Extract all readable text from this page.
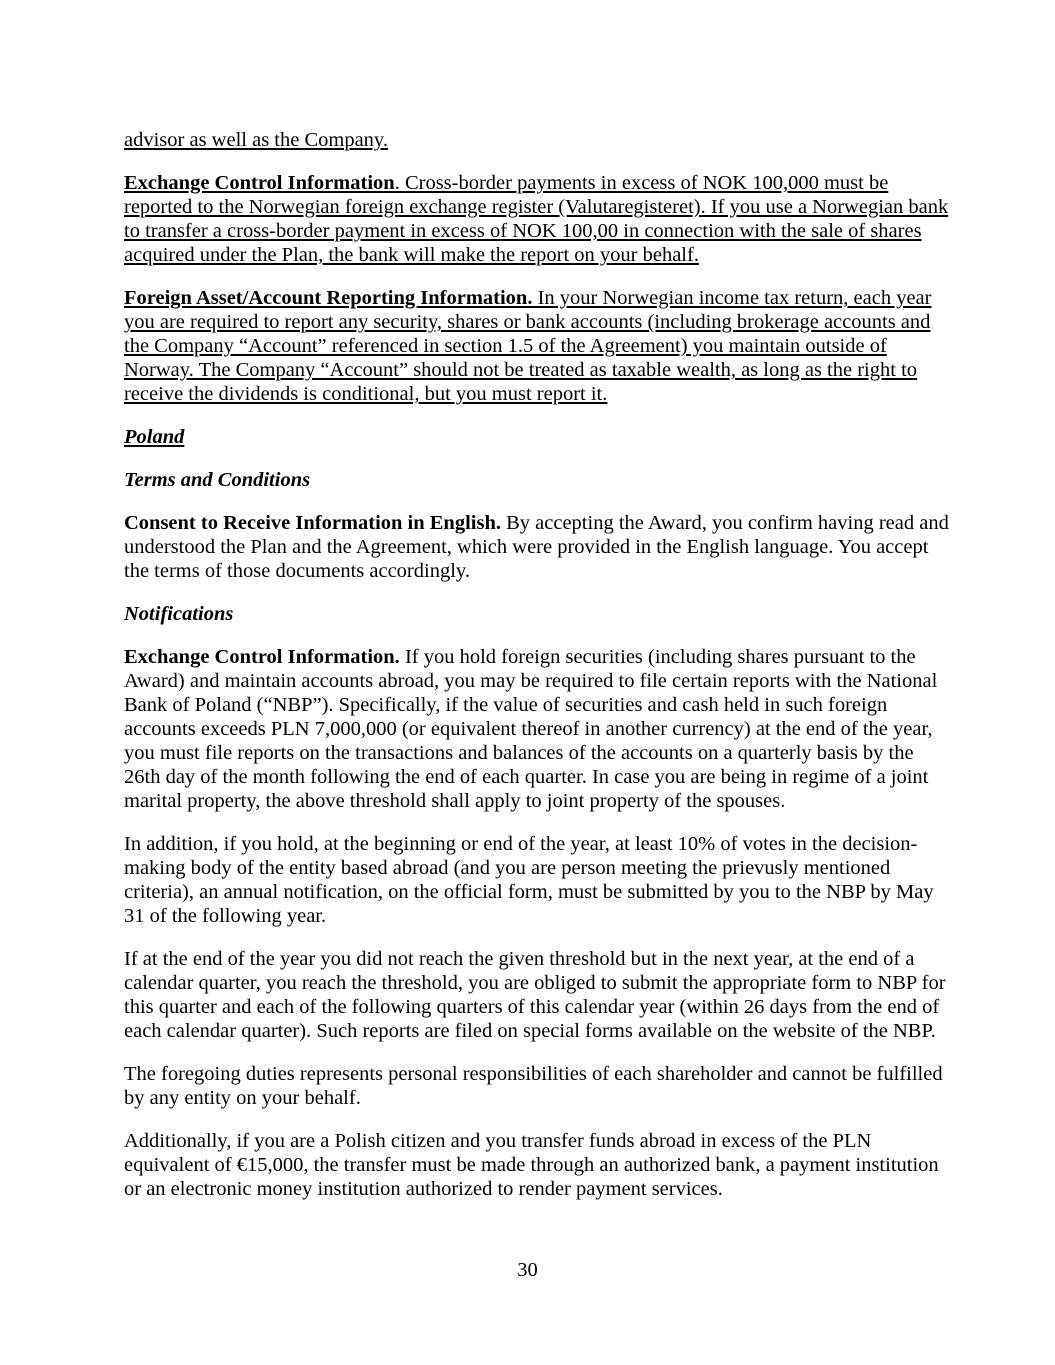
advisor as well as the Company.

Exchange Control Information. Cross-border payments in excess of NOK 100,000 must be reported to the Norwegian foreign exchange register (Valutaregisteret). If you use a Norwegian bank to transfer a cross-border payment in excess of NOK 100,00 in connection with the sale of shares acquired under the Plan, the bank will make the report on your behalf.

Foreign Asset/Account Reporting Information. In your Norwegian income tax return, each year you are required to report any security, shares or bank accounts (including brokerage accounts and the Company “Account” referenced in section 1.5 of the Agreement) you maintain outside of Norway. The Company “Account” should not be treated as taxable wealth, as long as the right to receive the dividends is conditional, but you must report it.

Poland

Terms and Conditions

Consent to Receive Information in English. By accepting the Award, you confirm having read and understood the Plan and the Agreement, which were provided in the English language. You accept the terms of those documents accordingly.

Notifications

Exchange Control Information. If you hold foreign securities (including shares pursuant to the Award) and maintain accounts abroad, you may be required to file certain reports with the National Bank of Poland (“NBP”). Specifically, if the value of securities and cash held in such foreign accounts exceeds PLN 7,000,000 (or equivalent thereof in another currency) at the end of the year, you must file reports on the transactions and balances of the accounts on a quarterly basis by the 26th day of the month following the end of each quarter. In case you are being in regime of a joint marital property, the above threshold shall apply to joint property of the spouses.

In addition, if you hold, at the beginning or end of the year, at least 10% of votes in the decision-making body of the entity based abroad (and you are person meeting the prievusly mentioned criteria), an annual notification, on the official form, must be submitted by you to the NBP by May 31 of the following year.

If at the end of the year you did not reach the given threshold but in the next year, at the end of a calendar quarter, you reach the threshold, you are obliged to submit the appropriate form to NBP for this quarter and each of the following quarters of this calendar year (within 26 days from the end of each calendar quarter). Such reports are filed on special forms available on the website of the NBP.

The foregoing duties represents personal responsibilities of each shareholder and cannot be fulfilled by any entity on your behalf.

Additionally, if you are a Polish citizen and you transfer funds abroad in excess of the PLN equivalent of €15,000, the transfer must be made through an authorized bank, a payment institution or an electronic money institution authorized to render payment services.

30
